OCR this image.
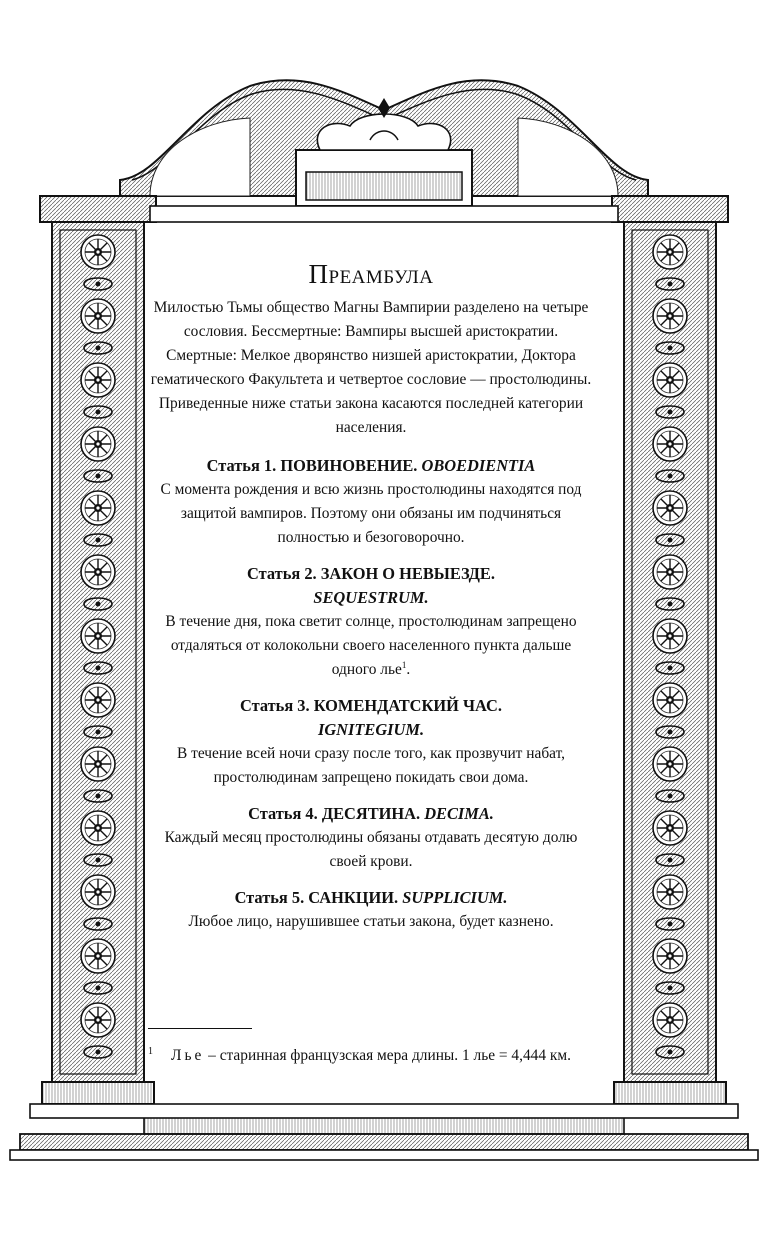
Преамбула
Милостью Тьмы общество Магны Вампирии разделено на четыре сословия. Бессмертные: Вампиры высшей аристократии. Смертные: Мелкое дворянство низшей аристократии, Доктора гематического Факультета и четвертое сословие — простолюдины. Приведенные ниже статьи закона касаются последней категории населения.
Статья 1. ПОВИНОВЕНИЕ. OBOEDIENTIA
С момента рождения и всю жизнь простолюдины находятся под защитой вампиров. Поэтому они обязаны им подчиняться полностью и безоговорочно.
Статья 2. ЗАКОН О НЕВЫЕЗДЕ.
SEQUESTRUM.
В течение дня, пока светит солнце, простолюдинам запрещено отдаляться от колокольни своего населенного пункта дальше одного лье$^1$.
Статья 3. КОМЕНДАТСКИЙ ЧАС.
IGNITEGIUM.
В течение всей ночи сразу после того, как прозвучит набат, простолюдинам запрещено покидать свои дома.
Статья 4. ДЕСЯТИНА. DECIMA.
Каждый месяц простолюдины обязаны отдавать десятую долю своей крови.
Статья 5. САНКЦИИ. SUPPLICIUM.
Любое лицо, нарушившее статьи закона, будет казнено.
$^1$ Лье – старинная французская мера длины. 1 лье = 4,444 км.
